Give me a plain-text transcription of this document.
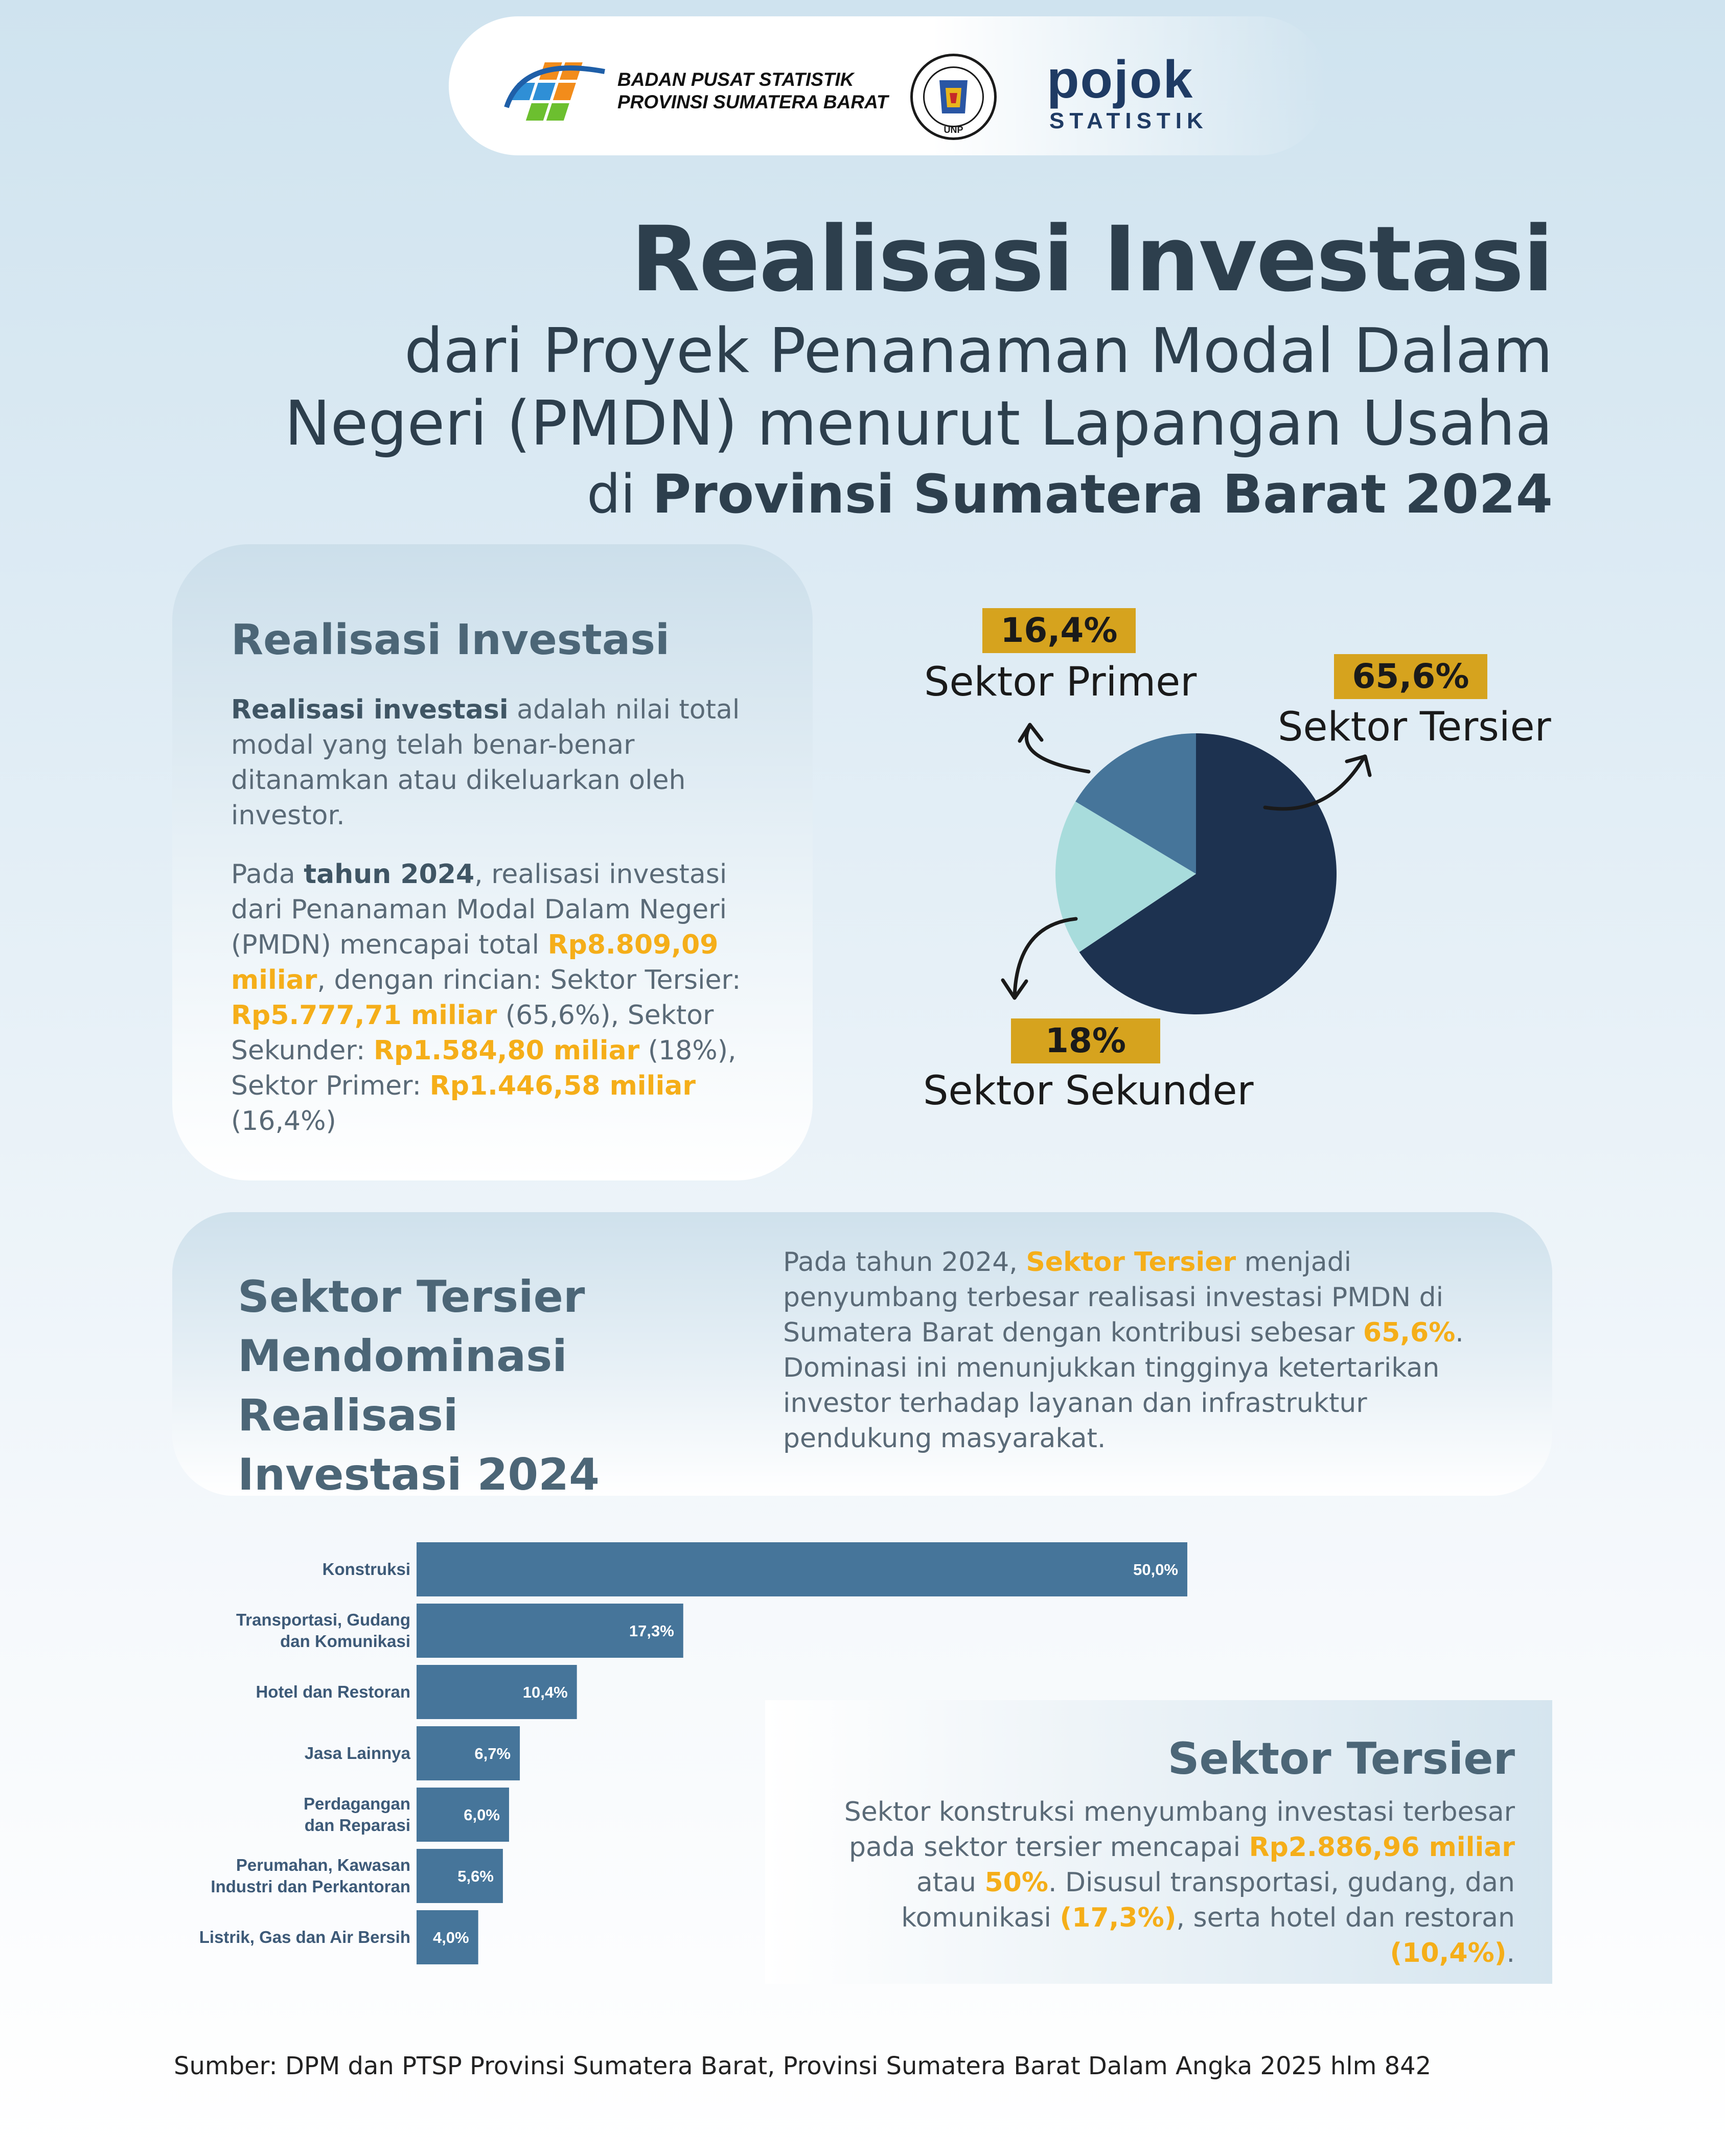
BADAN PUSAT STATISTIK
PROVINSI SUMATERA BARAT
UNP
pojok
STATISTIK
Realisasi Investasi
dari Proyek Penanaman Modal Dalam
Negeri (PMDN) menurut Lapangan Usaha
di Provinsi Sumatera Barat 2024
Realisasi Investasi
Realisasi investasi adalah nilai total modal yang telah benar-benar ditanamkan atau dikeluarkan oleh investor.
Pada tahun 2024, realisasi investasi dari Penanaman Modal Dalam Negeri (PMDN) mencapai total Rp8.809,09 miliar, dengan rincian: Sektor Tersier: Rp5.777,71 miliar (65,6%), Sektor Sekunder: Rp1.584,80 miliar (18%), Sektor Primer: Rp1.446,58 miliar (16,4%)
16,4%
Sektor Primer	65,6%
Sektor Tersier
18%
Sektor Sekunder
Sektor Tersier
Mendominasi Realisasi
Investasi 2024
Pada tahun 2024, Sektor Tersier menjadi penyumbang terbesar realisasi investasi PMDN di Sumatera Barat dengan kontribusi sebesar 65,6%. Dominasi ini menunjukkan tingginya ketertarikan investor terhadap layanan dan infrastruktur pendukung masyarakat.
50,0%
Konstruksi
17,3%
Transportasi, Gudang
dan Komunikasi
10,4%
Hotel dan Restoran
6,7%
Jasa Lainnya
6,0%
Perdagangan
dan Reparasi
5,6%
Perumahan, Kawasan
Industri dan Perkantoran
4,0%
Listrik, Gas dan Air Bersih
Sektor Tersier
Sektor konstruksi menyumbang investasi terbesar pada sektor tersier mencapai Rp2.886,96 miliar atau 50%. Disusul transportasi, gudang, dan komunikasi (17,3%), serta hotel dan restoran (10,4%).
Sumber: DPM dan PTSP Provinsi Sumatera Barat, Provinsi Sumatera Barat Dalam Angka 2025 hlm 842
